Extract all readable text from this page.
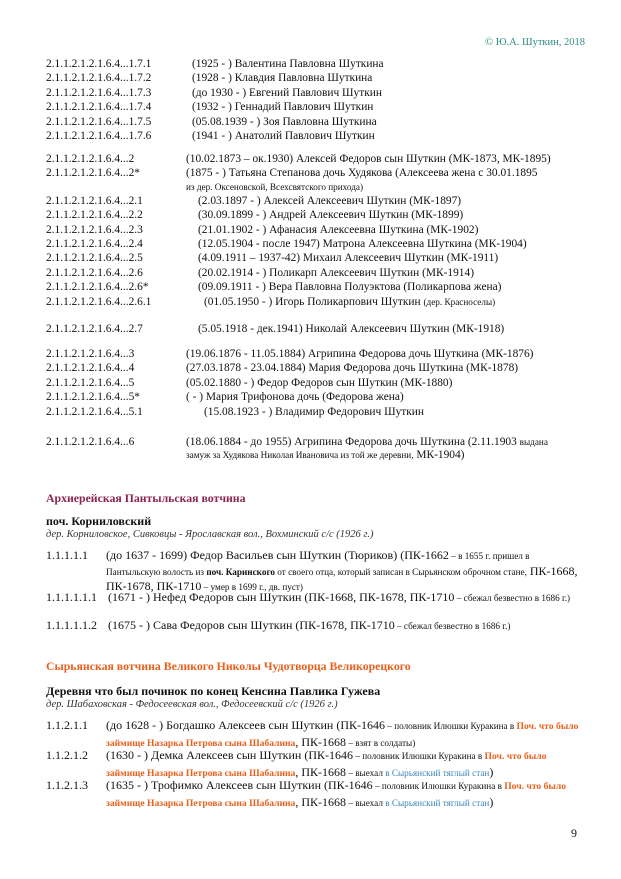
© Ю.А. Шуткин, 2018
2.1.1.2.1.2.1.6.4...1.7.1	(1925 - ) Валентина Павловна Шуткина
2.1.1.2.1.2.1.6.4...1.7.2	(1928 - ) Клавдия Павловна Шуткина
2.1.1.2.1.2.1.6.4...1.7.3	(до 1930 - ) Евгений Павлович Шуткин
2.1.1.2.1.2.1.6.4...1.7.4	(1932 - ) Геннадий Павлович Шуткин
2.1.1.2.1.2.1.6.4...1.7.5	(05.08.1939 - ) Зоя Павловна Шуткина
2.1.1.2.1.2.1.6.4...1.7.6	(1941 - ) Анатолий Павлович Шуткин
2.1.1.2.1.2.1.6.4...2	(10.02.1873 – ок.1930) Алексей Федоров сын Шуткин (МК-1873, МК-1895)
2.1.1.2.1.2.1.6.4...2*	(1875 - ) Татьяна Степанова дочь Худякова (Алексеева жена с 30.01.1895
из дер. Оксеновской, Всехсвятского прихода)
2.1.1.2.1.2.1.6.4...2.1	(2.03.1897 - ) Алексей Алексеевич Шуткин (МК-1897)
2.1.1.2.1.2.1.6.4...2.2	(30.09.1899 - ) Андрей Алексеевич Шуткин (МК-1899)
2.1.1.2.1.2.1.6.4...2.3	(21.01.1902 - ) Афанасия Алексеевна Шуткина (МК-1902)
2.1.1.2.1.2.1.6.4...2.4	(12.05.1904 - после 1947) Матрона Алексеевна Шуткина (МК-1904)
2.1.1.2.1.2.1.6.4...2.5	(4.09.1911 – 1937-42) Михаил Алексеевич Шуткин (МК-1911)
2.1.1.2.1.2.1.6.4...2.6	(20.02.1914 - ) Поликарп Алексеевич Шуткин (МК-1914)
2.1.1.2.1.2.1.6.4...2.6*	(09.09.1911 - ) Вера Павловна Полуэктова (Поликарпова жена)
2.1.1.2.1.2.1.6.4...2.6.1	(01.05.1950 - ) Игорь Поликарпович Шуткин (дер. Красноселы)
2.1.1.2.1.2.1.6.4...2.7	(5.05.1918 - дек.1941) Николай Алексеевич Шуткин (МК-1918)
2.1.1.2.1.2.1.6.4...3	(19.06.1876 - 11.05.1884) Агрипина Федорова дочь Шуткина (МК-1876)
2.1.1.2.1.2.1.6.4...4	(27.03.1878 - 23.04.1884) Мария Федорова дочь Шуткина (МК-1878)
2.1.1.2.1.2.1.6.4...5	(05.02.1880 - ) Федор Федоров сын Шуткин (МК-1880)
2.1.1.2.1.2.1.6.4...5*	( - ) Мария Трифонова дочь (Федорова жена)
2.1.1.2.1.2.1.6.4...5.1	(15.08.1923 - ) Владимир Федорович Шуткин
2.1.1.2.1.2.1.6.4...6	(18.06.1884 - до 1955) Агрипина Федорова дочь Шуткина (2.11.1903 выдана
замуж за Худякова Николая Ивановича из той же деревни, МК-1904)
Архиерейская Пантыльская вотчина
поч. Корниловский
дер. Корниловское, Сивковцы - Ярославская вол., Вохминский с/с (1926 г.)
1.1.1.1.1 (до 1637 - 1699) Федор Васильев сын Шуткин (Тюриков) (ПК-1662 – в 1655 г. пришел в Пантыльскую волость из поч. Каринского от своего отца, который записан в Сырьянском оброчном стане, ПК-1668, ПК-1678, ПК-1710 – умер в 1699 г., дв. пуст)
1.1.1.1.1.1 (1671 - ) Нефед Федоров сын Шуткин (ПК-1668, ПК-1678, ПК-1710 – сбежал безвестно в 1686 г.)
1.1.1.1.1.2 (1675 - ) Сава Федоров сын Шуткин (ПК-1678, ПК-1710 – сбежал безвестно в 1686 г.)
Сырьянская вотчина Великого Николы Чудотворца Великорецкого
Деревня что был починок по конец Кенсина Павлика Гужева
дер. Шабаховская - Федосеевская вол., Федосеевский с/с (1926 г.)
1.1.2.1.1 (до 1628 - ) Богдашко Алексеев сын Шуткин (ПК-1646 – половник Илюшки Куракина в Поч. что было займище Назарка Петрова сына Шабалина, ПК-1668 – взят в солдаты)
1.1.2.1.2 (1630 - ) Демка Алексеев сын Шуткин (ПК-1646 – половник Илюшки Куракина в Поч. что было займище Назарка Петрова сына Шабалина, ПК-1668 – выехал в Сырьянский тяглый стан)
1.1.2.1.3 (1635 - ) Трофимко Алексеев сын Шуткин (ПК-1646 – половник Илюшки Куракина в Поч. что было займище Назарка Петрова сына Шабалина, ПК-1668 – выехал в Сырьянский тяглый стан)
9
